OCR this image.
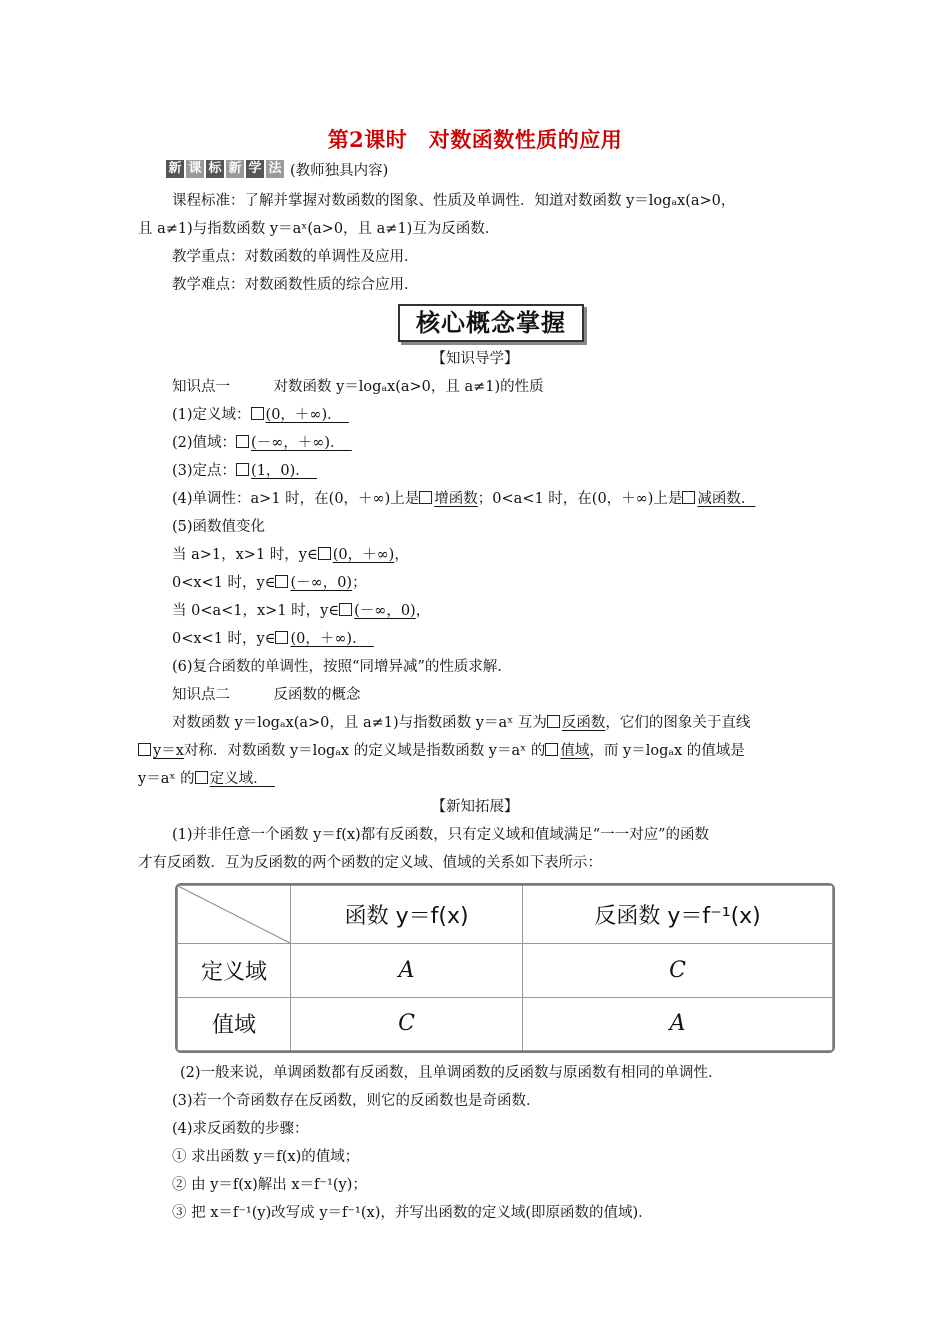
第2课时　对数函数性质的应用
新 课 标 新 学 法 (教师独具内容)
课程标准：了解并掌握对数函数的图象、性质及单调性．知道对数函数 y＝logₐx(a>0，
且 a≠1)与指数函数 y＝aˣ(a>0，且 a≠1)互为反函数．
教学重点：对数函数的单调性及应用．
教学难点：对数函数性质的综合应用．
核心概念掌握
【知识导学】
知识点一　　　对数函数 y＝logₐx(a>0，且 a≠1)的性质
(1)定义域： (0，＋∞)．　
(2)值域： (－∞，＋∞)．　
(3)定点： (1，0)．　
(4)单调性：a>1 时，在(0，＋∞)上是 增函数；0<a<1 时，在(0，＋∞)上是 减函数．
(5)函数值变化
当 a>1，x>1 时，y∈ (0，＋∞)，
0<x<1 时，y∈ (－∞，0)；
当 0<a<1，x>1 时，y∈ (－∞，0)，
0<x<1 时，y∈ (0，＋∞)．　
(6)复合函数的单调性，按照“同增异减”的性质求解．
知识点二　　　反函数的概念
对数函数 y＝logₐx(a>0，且 a≠1)与指数函数 y＝aˣ 互为 反函数，它们的图象关于直线
y＝x对称．对数函数 y＝logₐx 的定义域是指数函数 y＝aˣ 的 值域，而 y＝logₐx 的值域是
y＝aˣ 的 定义域．　
【新知拓展】
(1)并非任意一个函数 y＝f(x)都有反函数，只有定义域和值域满足“一一对应”的函数
才有反函数．互为反函数的两个函数的定义域、值域的关系如下表所示：
	函数 y＝f(x)	反函数 y＝f⁻¹(x)
定义域	A	C
值域	C	A
(2)一般来说，单调函数都有反函数，且单调函数的反函数与原函数有相同的单调性．
(3)若一个奇函数存在反函数，则它的反函数也是奇函数．
(4)求反函数的步骤：
① 求出函数 y＝f(x)的值域；
② 由 y＝f(x)解出 x＝f⁻¹(y)；
③ 把 x＝f⁻¹(y)改写成 y＝f⁻¹(x)，并写出函数的定义域(即原函数的值域)．
